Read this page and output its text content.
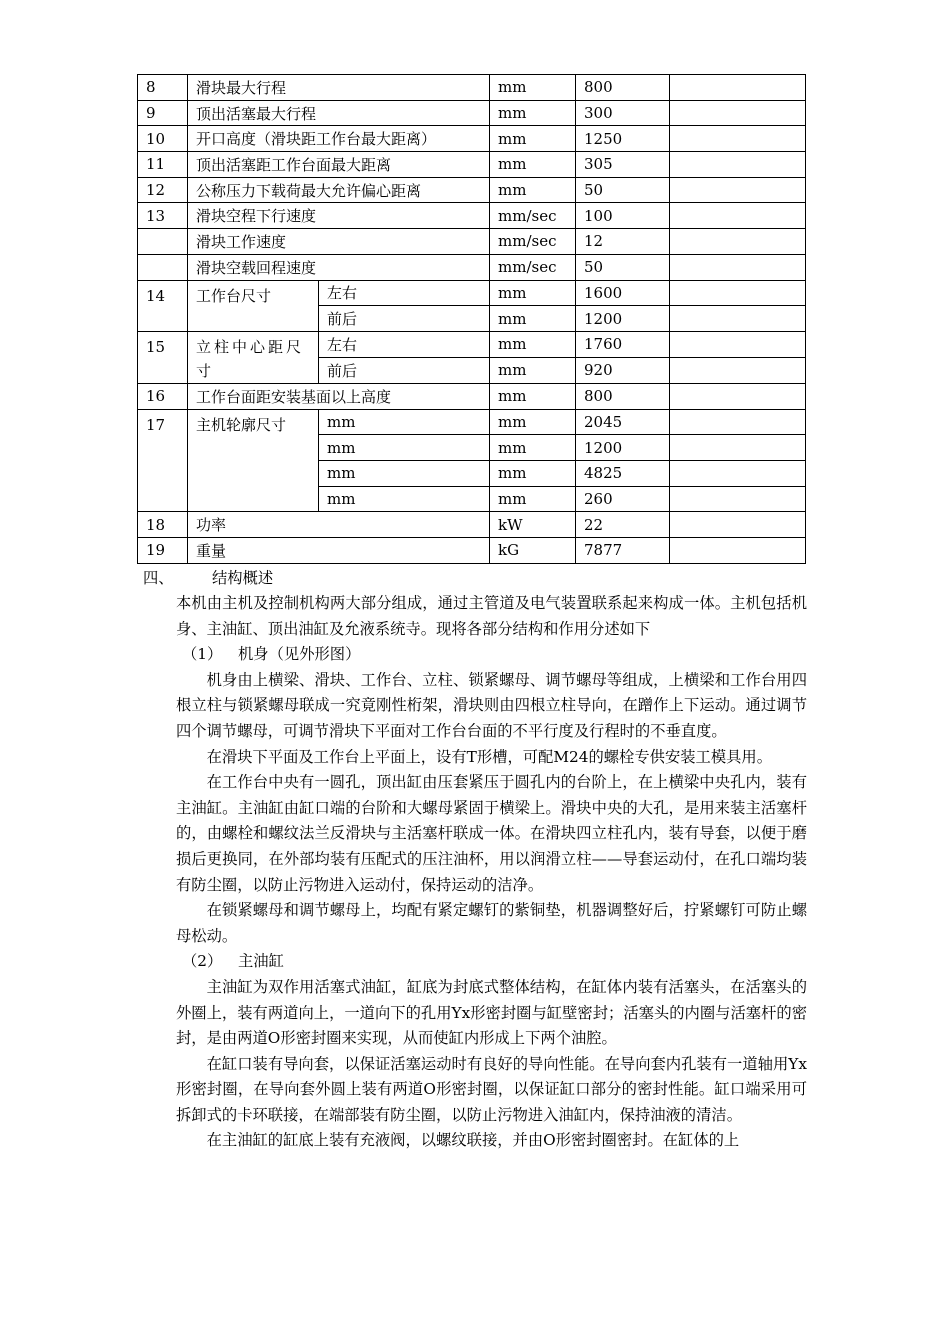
8	滑块最大行程		mm	800	
9	顶出活塞最大行程		mm	300	
10	开口高度（滑块距工作台最大距离）		mm	1250	
11	顶出活塞距工作台面最大距离		mm	305	
12	公称压力下载荷最大允许偏心距离		mm	50	
13	滑块空程下行速度		mm/sec	100	
	滑块工作速度		mm/sec	12	
	滑块空载回程速度		mm/sec	50	
14	工作台尺寸	左右	mm	1600	
		前后	mm	1200	
15	立柱中心距尺寸	左右	mm	1760	
		前后	mm	920	
16	工作台面距安装基面以上高度		mm	800	
17	主机轮廓尺寸	mm	mm	2045	
		mm	mm	1200	
		mm	mm	4825	
		mm	mm	260	
18	功率		kW	22	
19	重量		kG	7877	
四、	结构概述

本机由主机及控制机构两大部分组成，通过主管道及电气装置联系起来构成一体。主机包括机身、主油缸、顶出油缸及允液系统寺。现将各部分结构和作用分述如下

（1） 机身（见外形图）

机身由上横梁、滑块、工作台、立柱、锁紧螺母、调节螺母等组成，上横梁和工作台用四根立柱与锁紧螺母联成一究竟刚性桁架，滑块则由四根立柱导向，在蹭作上下运动。通过调节四个调节螺母，可调节滑块下平面对工作台台面的不平行度及行程时的不垂直度。

在滑块下平面及工作台上平面上，设有T形槽，可配M24的螺栓专供安装工模具用。

在工作台中央有一圆孔，顶出缸由压套紧压于圆孔内的台阶上，在上横梁中央孔内，装有主油缸。主油缸由缸口端的台阶和大螺母紧固于横梁上。滑块中央的大孔，是用来装主活塞杆的，由螺栓和螺纹法兰反滑块与主活塞杆联成一体。在滑块四立柱孔内，装有导套，以便于磨损后更换同，在外部均装有压配式的压注油杯，用以润滑立柱——导套运动付，在孔口端均装有防尘圈，以防止污物进入运动付，保持运动的洁净。

在锁紧螺母和调节螺母上，均配有紧定螺钉的紫铜垫，机器调整好后，拧紧螺钉可防止螺母松动。

（2） 主油缸

主油缸为双作用活塞式油缸，缸底为封底式整体结构，在缸体内装有活塞头，在活塞头的外圈上，装有两道向上，一道向下的孔用Yx形密封圈与缸壁密封；活塞头的内圈与活塞杆的密封，是由两道O形密封圈来实现，从而使缸内形成上下两个油腔。

在缸口装有导向套，以保证活塞运动时有良好的导向性能。在导向套内孔装有一道轴用Yx形密封圈，在导向套外圆上装有两道O形密封圈，以保证缸口部分的密封性能。缸口端采用可拆卸式的卡环联接，在端部装有防尘圈，以防止污物进入油缸内，保持油液的清洁。

在主油缸的缸底上装有充液阀，以螺纹联接，并由O形密封圈密封。在缸体的上
